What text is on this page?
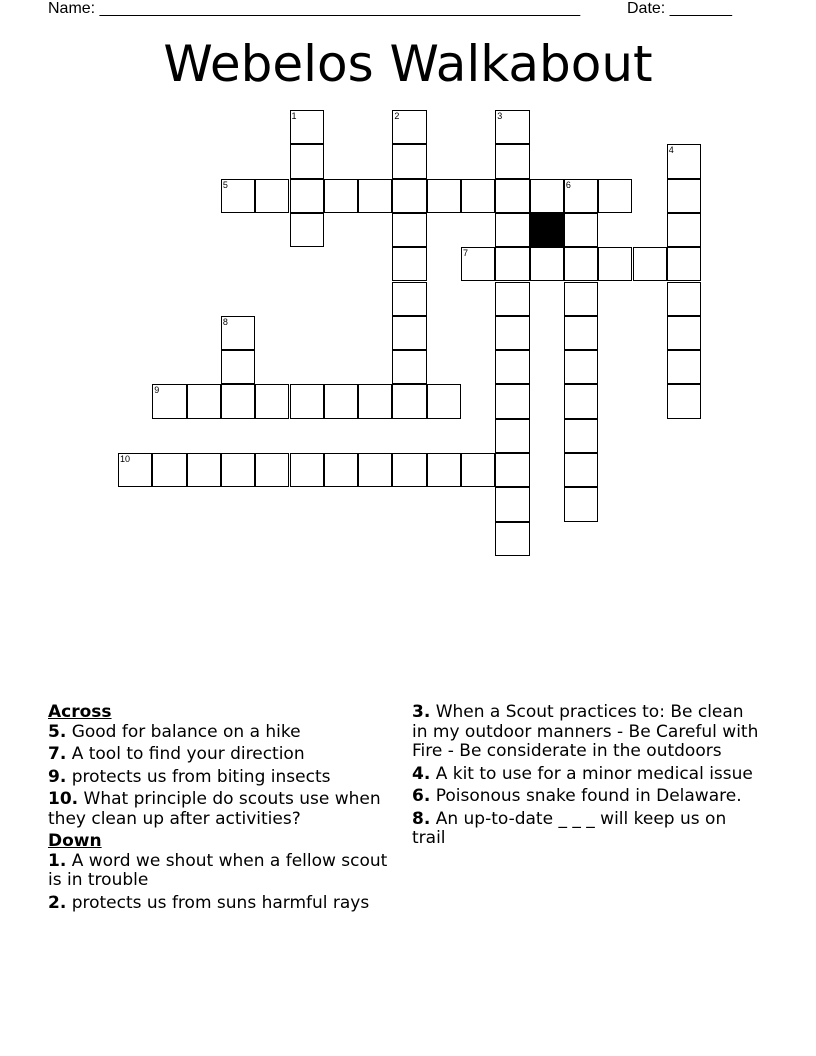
Name: ______________________________________________________	Date: _______
Webelos Walkabout
1	2	3
4
5	6
7
8
9
10

Across

5. Good for balance on a hike

7. A tool to find your direction

9. protects us from biting insects

10. What principle do scouts use when they clean up after activities?

Down

1. A word we shout when a fellow scout is in trouble

2. protects us from suns harmful rays

3. When a Scout practices to: Be clean in my outdoor manners - Be Careful with Fire - Be considerate in the outdoors

4. A kit to use for a minor medical issue

6. Poisonous snake found in Delaware.

8. An up-to-date _ _ _ will keep us on trail
